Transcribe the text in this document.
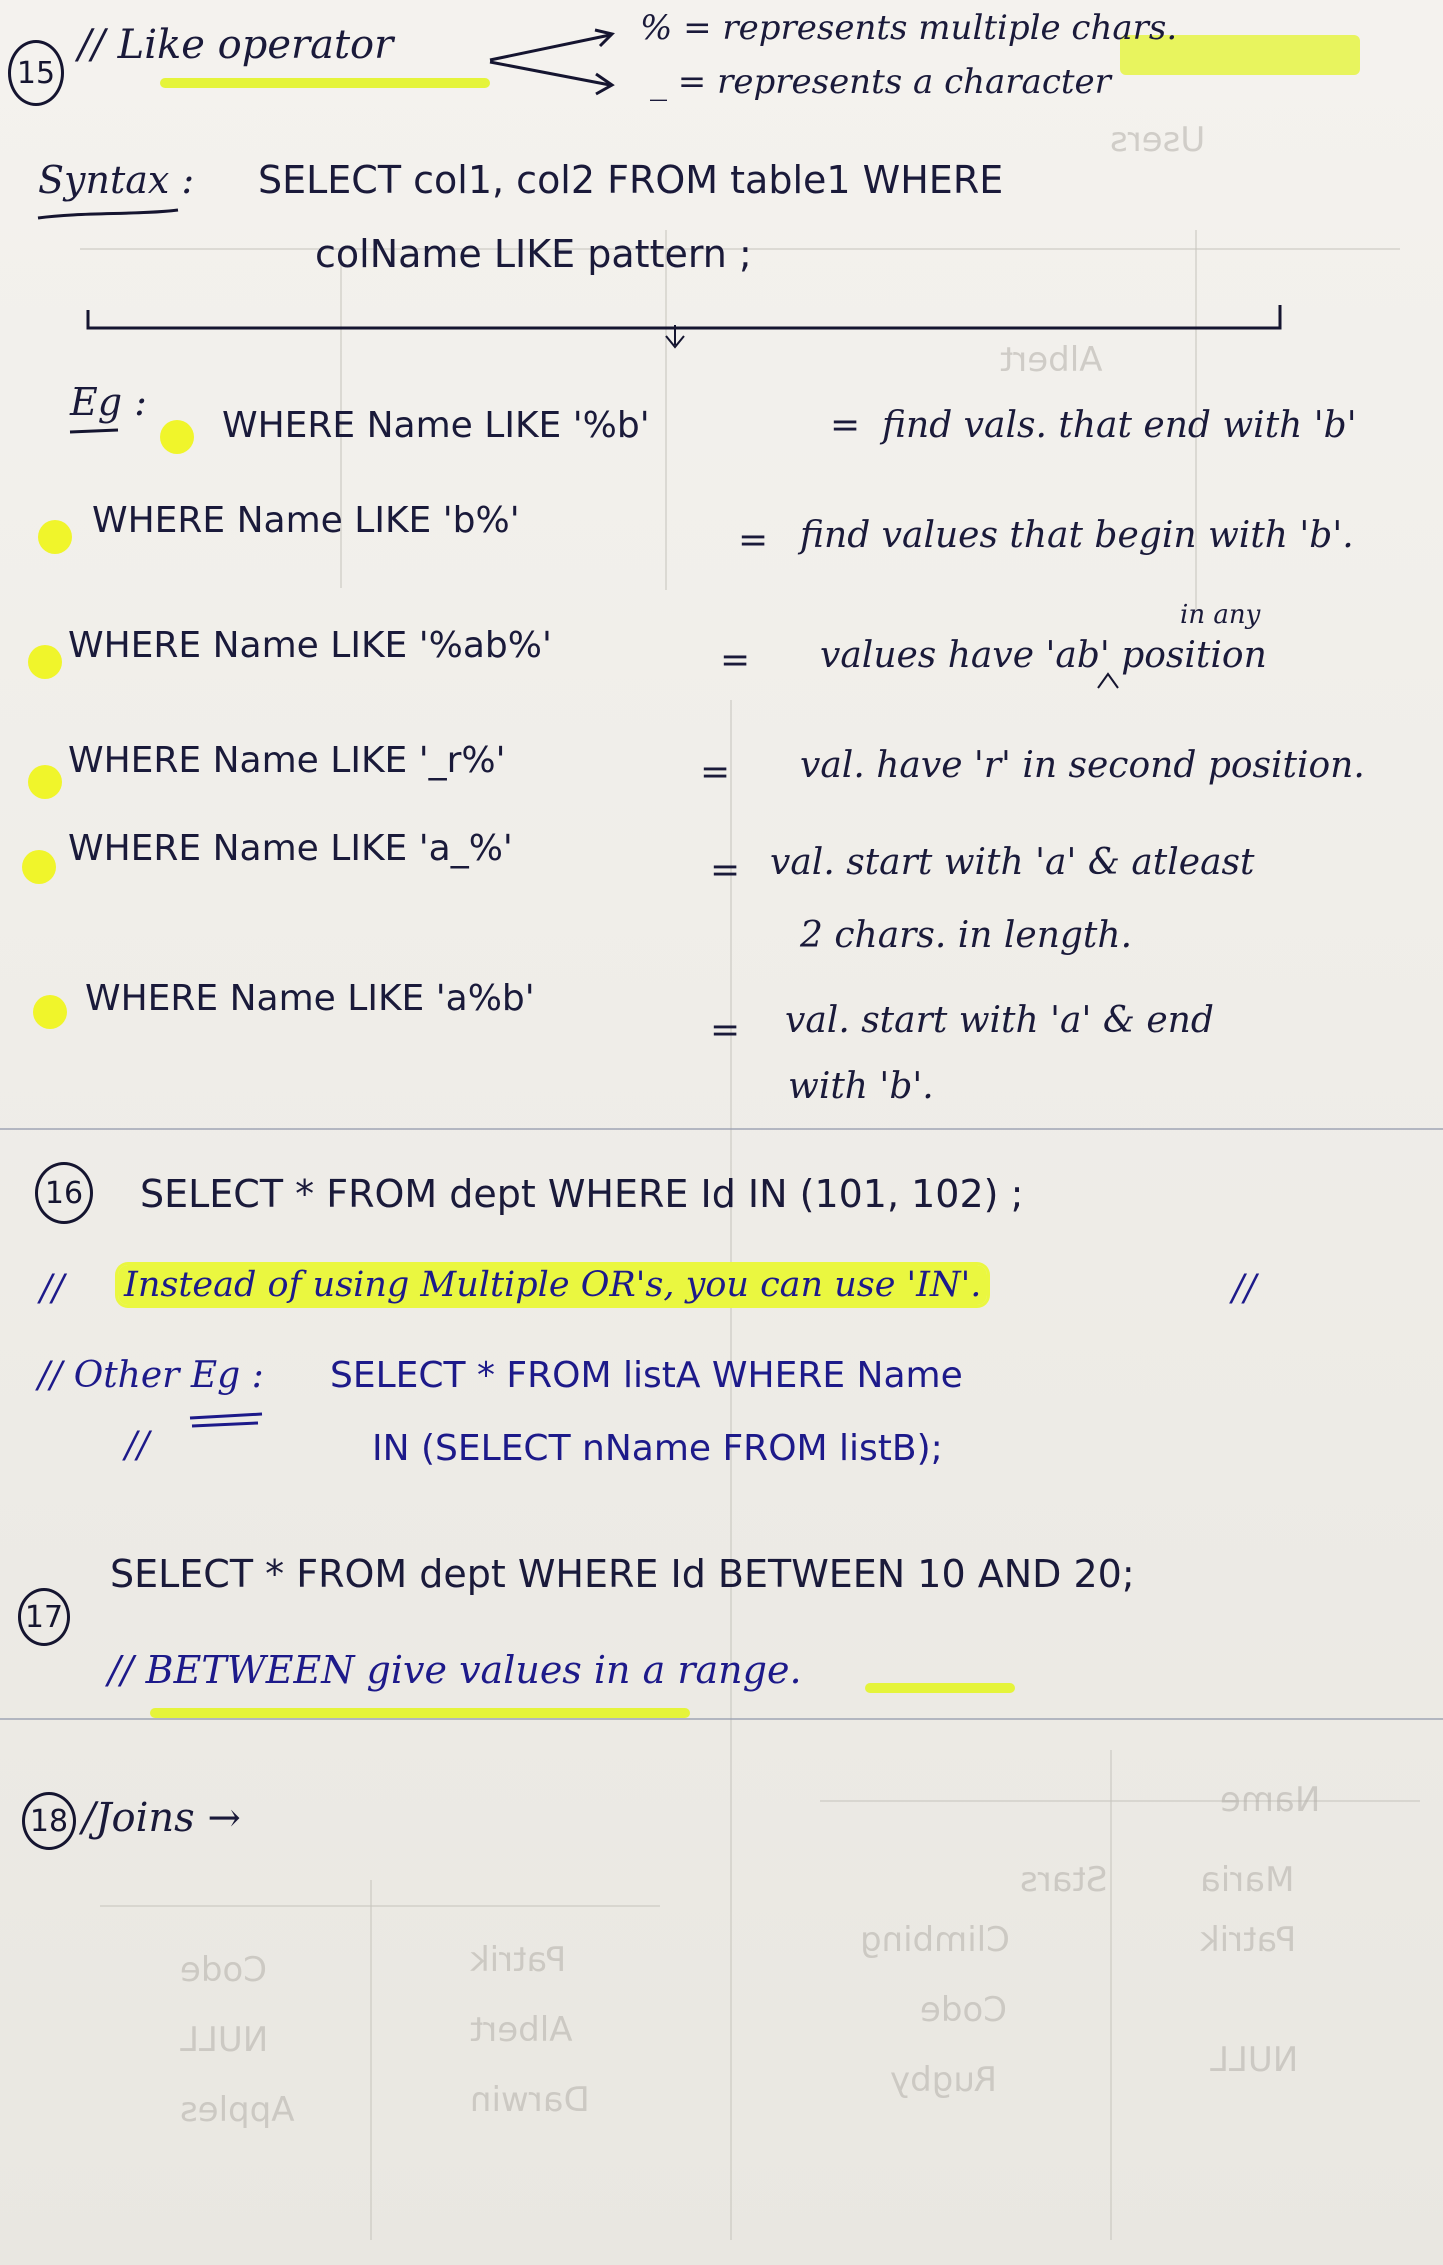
Stars
Name
Maria
Patrik
NULL
Climbing
Code
Rugby
Patrik
Albert
Darwin
Code
NULL
Apples
Users
Albert
15
// Like operator	% = represents multiple chars.
_ = represents a character
Syntax : SELECT col1, col2 FROM table1 WHERE
colName LIKE pattern ;
Eg :
WHERE Name LIKE '%b'	= find vals. that end with 'b'
WHERE Name LIKE 'b%'	= find values that begin with 'b'.
WHERE Name LIKE '%ab%'	= values have 'ab' position
in any
WHERE Name LIKE '_r%'	= val. have 'r' in second position.
WHERE Name LIKE 'a_%'
= val. start with 'a' & atleast
2 chars. in length.
WHERE Name LIKE 'a%b'
= val. start with 'a' & end
with 'b'.
16 SELECT * FROM dept WHERE Id IN (101, 102) ;
// Instead of using Multiple OR's, you can use 'IN'.	//
// Other Eg : SELECT * FROM listA WHERE Name
//	IN (SELECT nName FROM listB);
17
SELECT * FROM dept WHERE Id BETWEEN 10 AND 20;
// BETWEEN give values in a range.
18 /Joins →
